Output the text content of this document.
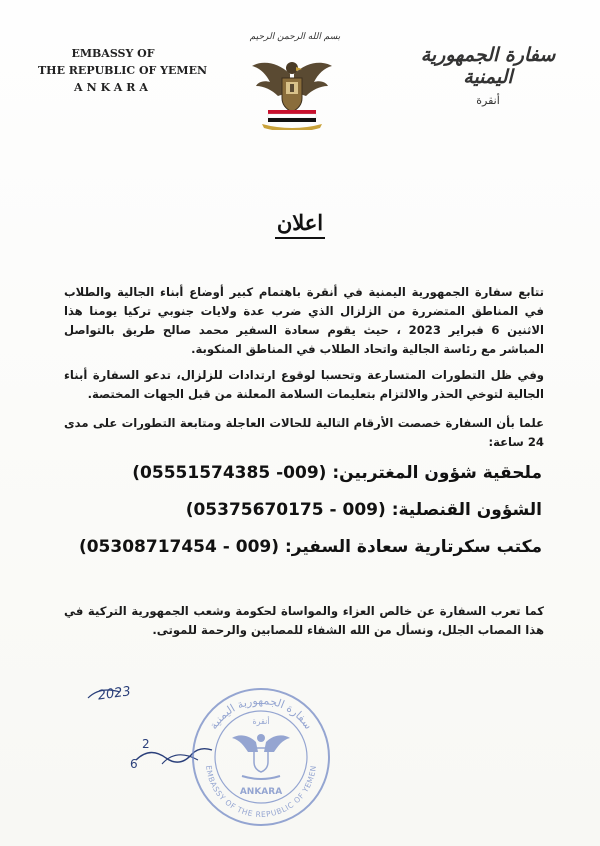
EMBASSY OF
THE REPUBLIC OF YEMEN
ANKARA
بسم الله الرحمن الرحيم
سفارة الجمهورية اليمنية
أنقرة
اعلان
تتابع سفارة الجمهورية اليمنية في أنقرة باهتمام كبير أوضاع أبناء الجالية والطلاب في المناطق المتضررة من الزلزال الذي ضرب عدة ولايات جنوبي تركيا يومنا هذا الاثنين 6 فبراير 2023 ، حيث يقوم سعادة السفير محمد صالح طريق بالتواصل المباشر مع رئاسة الجالية واتحاد الطلاب في المناطق المنكوبة.
وفي ظل التطورات المتسارعة وتحسبا لوقوع ارتدادات للزلزال، تدعو السفارة أبناء الجالية لتوخي الحذر والالتزام بتعليمات السلامة المعلنة من قبل الجهات المختصة.
علما بأن السفارة خصصت الأرقام التالية للحالات العاجلة ومتابعة التطورات على مدى 24 ساعة:
ملحقية شؤون المغتربين: (009- 05551574385)
الشؤون القنصلية: (009 - 05375670175)
مكتب سكرتارية سعادة السفير: (009 - 05308717454)
كما تعرب السفارة عن خالص العزاء والمواساة لحكومة وشعب الجمهورية التركية في هذا المصاب الجلل، ونسأل من الله الشفاء للمصابين والرحمة للموتى.
2023
2
6
سفارة الجمهورية اليمنية
EMBASSY OF THE REPUBLIC OF YEMEN
أنقرة
ANKARA
